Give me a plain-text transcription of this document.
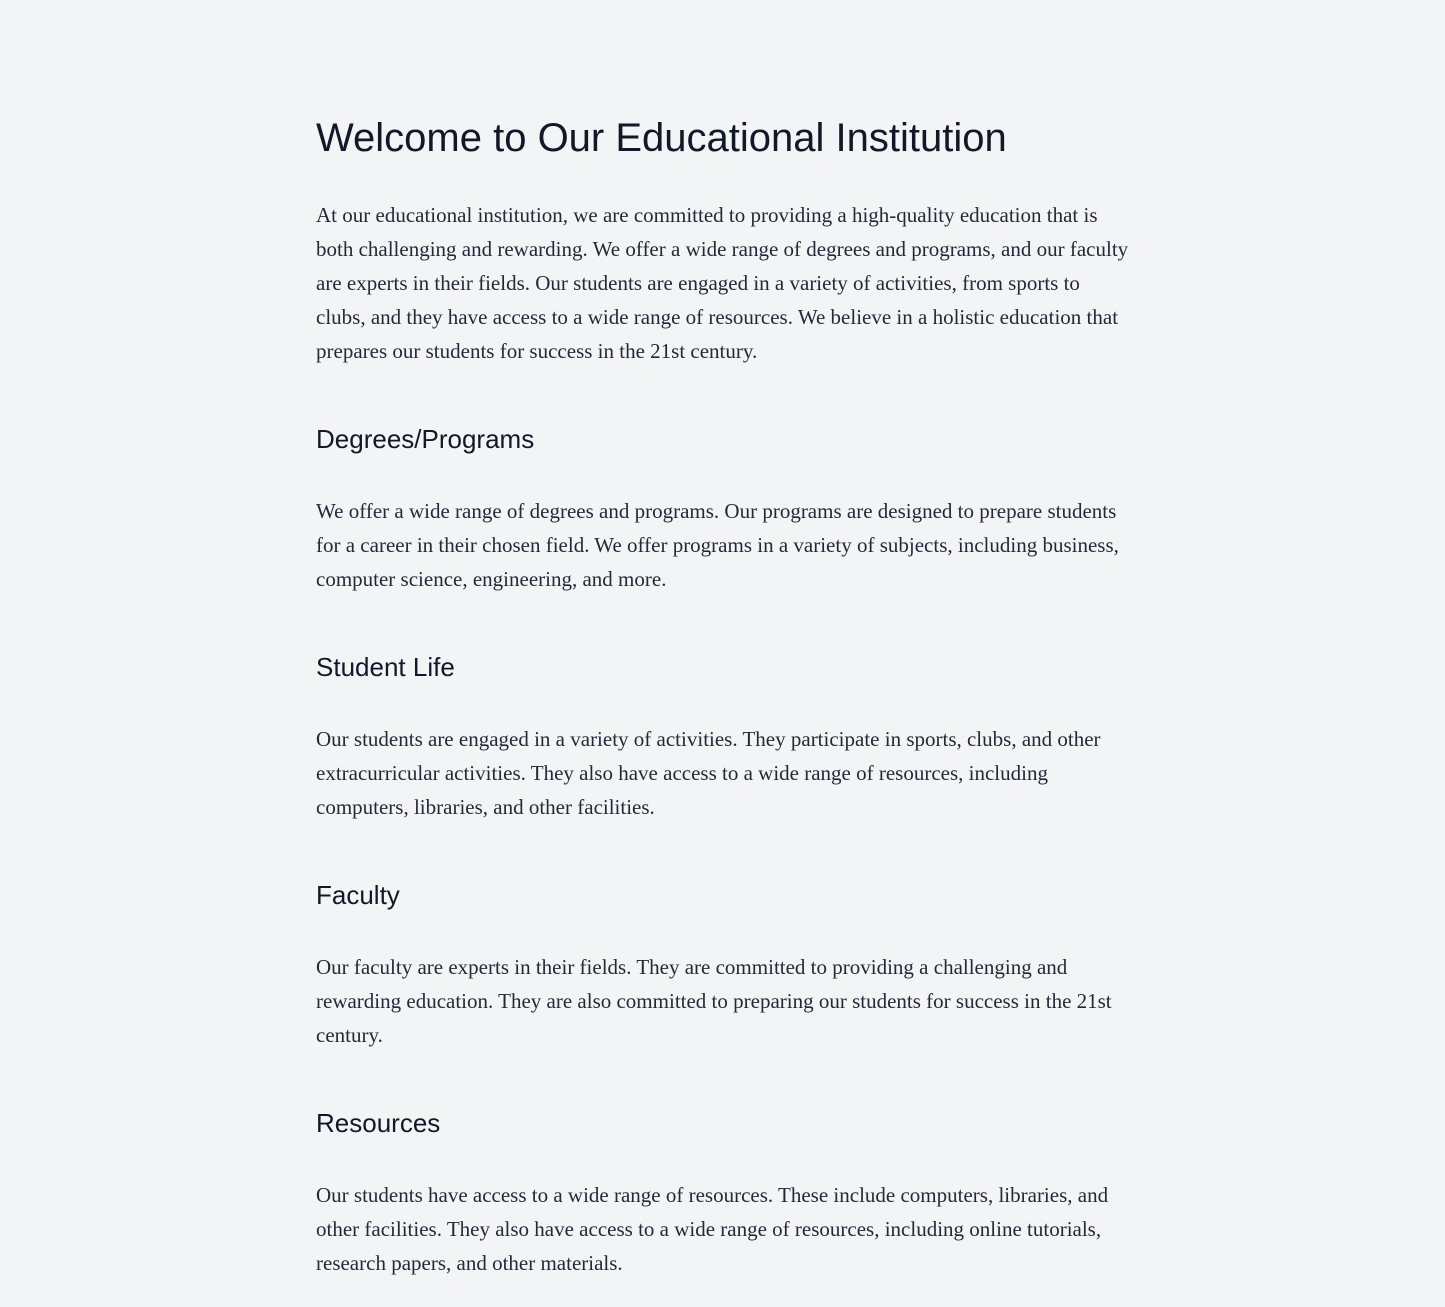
Welcome to Our Educational Institution

At our educational institution, we are committed to providing a high-quality education that is both challenging and rewarding. We offer a wide range of degrees and programs, and our faculty are experts in their fields. Our students are engaged in a variety of activities, from sports to clubs, and they have access to a wide range of resources. We believe in a holistic education that prepares our students for success in the 21st century.

Degrees/Programs

We offer a wide range of degrees and programs. Our programs are designed to prepare students for a career in their chosen field. We offer programs in a variety of subjects, including business, computer science, engineering, and more.

Student Life

Our students are engaged in a variety of activities. They participate in sports, clubs, and other extracurricular activities. They also have access to a wide range of resources, including computers, libraries, and other facilities.

Faculty

Our faculty are experts in their fields. They are committed to providing a challenging and rewarding education. They are also committed to preparing our students for success in the 21st century.

Resources

Our students have access to a wide range of resources. These include computers, libraries, and other facilities. They also have access to a wide range of resources, including online tutorials, research papers, and other materials.
